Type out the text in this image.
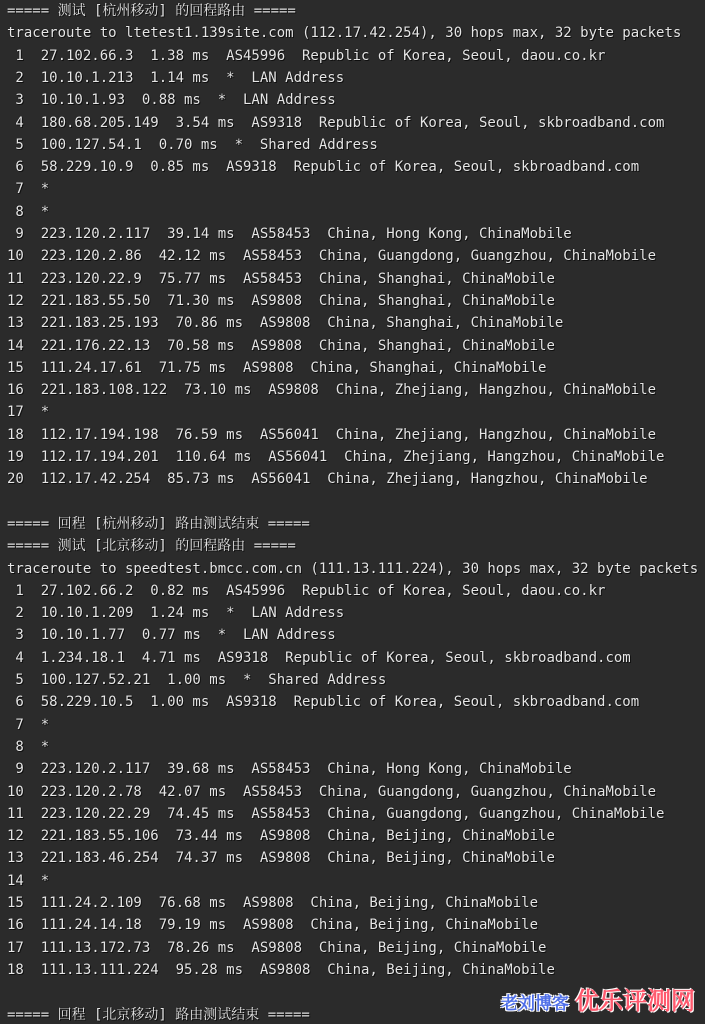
===== 测试 [杭州移动] 的回程路由 =====
traceroute to ltetest1.139site.com (112.17.42.254), 30 hops max, 32 byte packets
1  27.102.66.3  1.38 ms  AS45996  Republic of Korea, Seoul, daou.co.kr
2  10.10.1.213  1.14 ms  *  LAN Address
3  10.10.1.93  0.88 ms  *  LAN Address
4  180.68.205.149  3.54 ms  AS9318  Republic of Korea, Seoul, skbroadband.com
5  100.127.54.1  0.70 ms  *  Shared Address
6  58.229.10.9  0.85 ms  AS9318  Republic of Korea, Seoul, skbroadband.com
7  *
8  *
9  223.120.2.117  39.14 ms  AS58453  China, Hong Kong, ChinaMobile
10  223.120.2.86  42.12 ms  AS58453  China, Guangdong, Guangzhou, ChinaMobile
11  223.120.22.9  75.77 ms  AS58453  China, Shanghai, ChinaMobile
12  221.183.55.50  71.30 ms  AS9808  China, Shanghai, ChinaMobile
13  221.183.25.193  70.86 ms  AS9808  China, Shanghai, ChinaMobile
14  221.176.22.13  70.58 ms  AS9808  China, Shanghai, ChinaMobile
15  111.24.17.61  71.75 ms  AS9808  China, Shanghai, ChinaMobile
16  221.183.108.122  73.10 ms  AS9808  China, Zhejiang, Hangzhou, ChinaMobile
17  *
18  112.17.194.198  76.59 ms  AS56041  China, Zhejiang, Hangzhou, ChinaMobile
19  112.17.194.201  110.64 ms  AS56041  China, Zhejiang, Hangzhou, ChinaMobile
20  112.17.42.254  85.73 ms  AS56041  China, Zhejiang, Hangzhou, ChinaMobile
===== 回程 [杭州移动] 路由测试结束 =====
===== 测试 [北京移动] 的回程路由 =====
traceroute to speedtest.bmcc.com.cn (111.13.111.224), 30 hops max, 32 byte packets
1  27.102.66.2  0.82 ms  AS45996  Republic of Korea, Seoul, daou.co.kr
2  10.10.1.209  1.24 ms  *  LAN Address
3  10.10.1.77  0.77 ms  *  LAN Address
4  1.234.18.1  4.71 ms  AS9318  Republic of Korea, Seoul, skbroadband.com
5  100.127.52.21  1.00 ms  *  Shared Address
6  58.229.10.5  1.00 ms  AS9318  Republic of Korea, Seoul, skbroadband.com
7  *
8  *
9  223.120.2.117  39.68 ms  AS58453  China, Hong Kong, ChinaMobile
10  223.120.2.78  42.07 ms  AS58453  China, Guangdong, Guangzhou, ChinaMobile
11  223.120.22.29  74.45 ms  AS58453  China, Guangdong, Guangzhou, ChinaMobile
12  221.183.55.106  73.44 ms  AS9808  China, Beijing, ChinaMobile
13  221.183.46.254  74.37 ms  AS9808  China, Beijing, ChinaMobile
14  *
15  111.24.2.109  76.68 ms  AS9808  China, Beijing, ChinaMobile
16  111.24.14.18  79.19 ms  AS9808  China, Beijing, ChinaMobile
17  111.13.172.73  78.26 ms  AS9808  China, Beijing, ChinaMobile
18  111.13.111.224  95.28 ms  AS9808  China, Beijing, ChinaMobile
===== 回程 [北京移动] 路由测试结束 =====
老刘博客 优乐评测网
